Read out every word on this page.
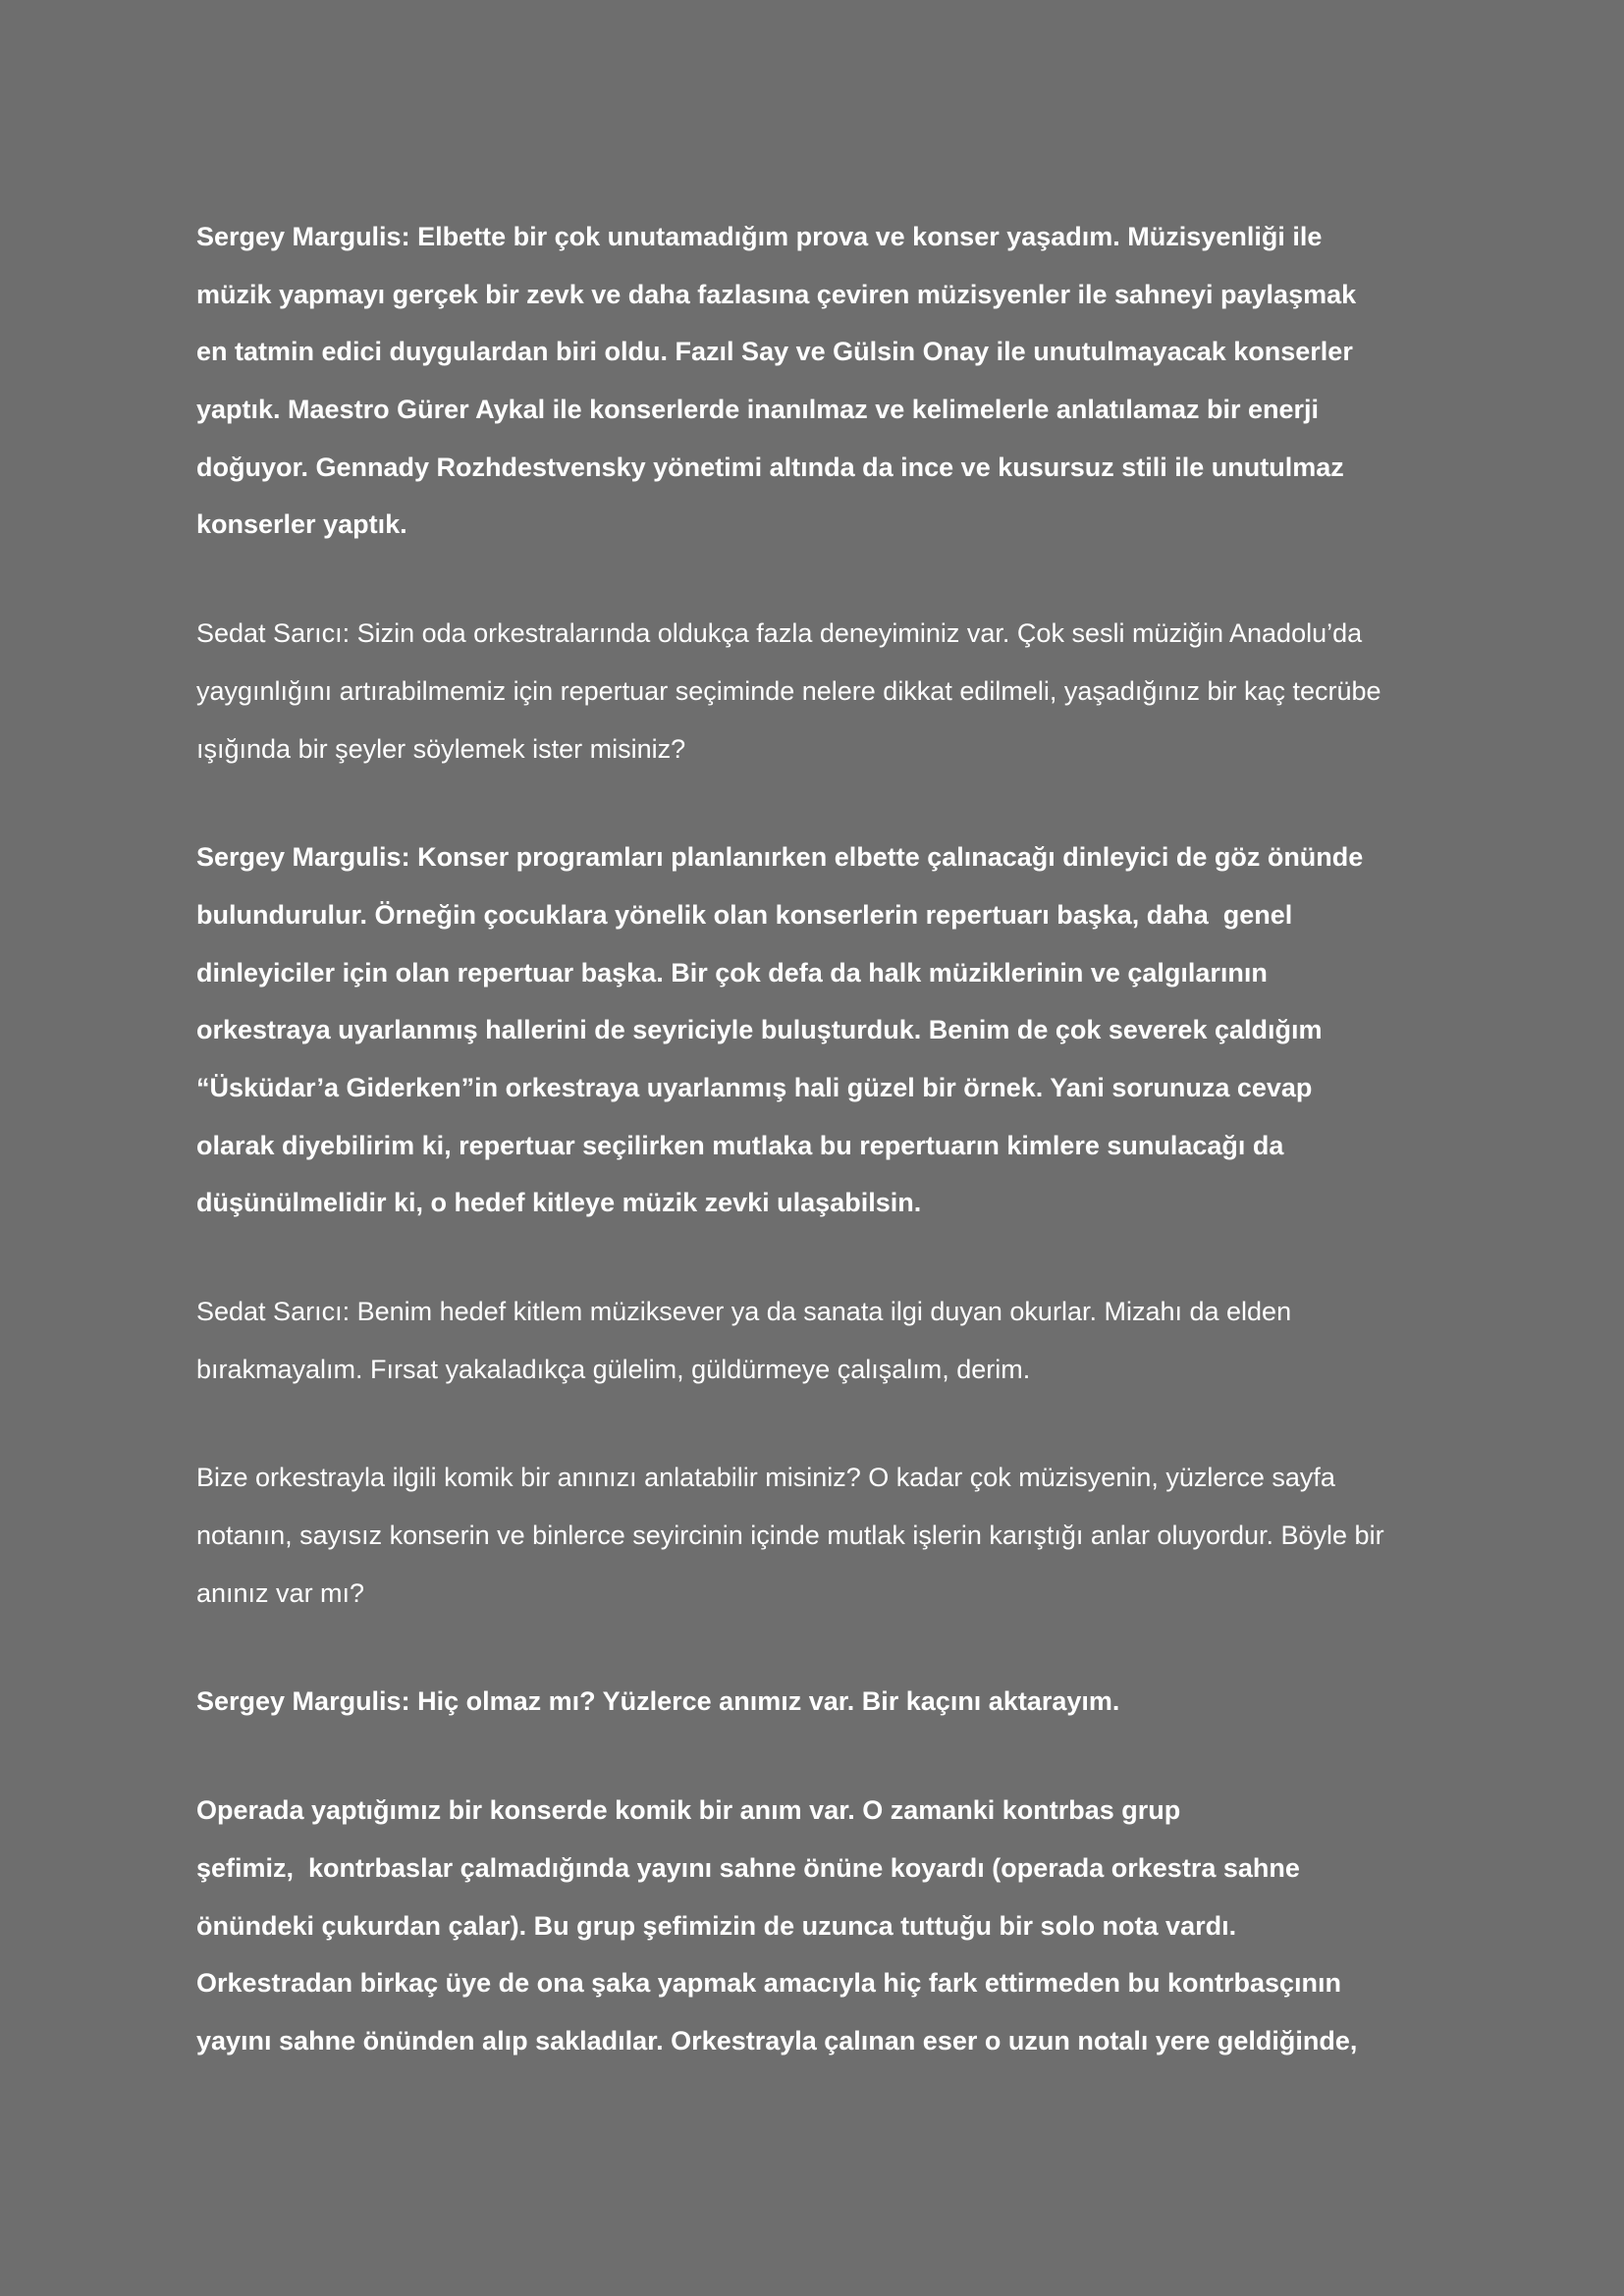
Sergey Margulis: Elbette bir çok unutamadığım prova ve konser yaşadım. Müzisyenliği ile
müzik yapmayı gerçek bir zevk ve daha fazlasına çeviren müzisyenler ile sahneyi paylaşmak
en tatmin edici duygulardan biri oldu. Fazıl Say ve Gülsin Onay ile unutulmayacak konserler
yaptık. Maestro Gürer Aykal ile konserlerde inanılmaz ve kelimelerle anlatılamaz bir enerji
doğuyor. Gennady Rozhdestvensky yönetimi altında da ince ve kusursuz stili ile unutulmaz
konserler yaptık.
Sedat Sarıcı: Sizin oda orkestralarında oldukça fazla deneyiminiz var. Çok sesli müziğin Anadolu’da
yaygınlığını artırabilmemiz için repertuar seçiminde nelere dikkat edilmeli, yaşadığınız bir kaç tecrübe
ışığında bir şeyler söylemek ister misiniz?
Sergey Margulis: Konser programları planlanırken elbette çalınacağı dinleyici de göz önünde
bulundurulur. Örneğin çocuklara yönelik olan konserlerin repertuarı başka, daha  genel
dinleyiciler için olan repertuar başka. Bir çok defa da halk müziklerinin ve çalgılarının
orkestraya uyarlanmış hallerini de seyriciyle buluşturduk. Benim de çok severek çaldığım
“Üsküdar’a Giderken”in orkestraya uyarlanmış hali güzel bir örnek. Yani sorunuza cevap
olarak diyebilirim ki, repertuar seçilirken mutlaka bu repertuarın kimlere sunulacağı da
düşünülmelidir ki, o hedef kitleye müzik zevki ulaşabilsin.
Sedat Sarıcı: Benim hedef kitlem müziksever ya da sanata ilgi duyan okurlar. Mizahı da elden
bırakmayalım. Fırsat yakaladıkça gülelim, güldürmeye çalışalım, derim.
Bize orkestrayla ilgili komik bir anınızı anlatabilir misiniz? O kadar çok müzisyenin, yüzlerce sayfa
notanın, sayısız konserin ve binlerce seyircinin içinde mutlak işlerin karıştığı anlar oluyordur. Böyle bir
anınız var mı?
Sergey Margulis: Hiç olmaz mı? Yüzlerce anımız var. Bir kaçını aktarayım.
Operada yaptığımız bir konserde komik bir anım var. O zamanki kontrbas grup
şefimiz,  kontrbaslar çalmadığında yayını sahne önüne koyardı (operada orkestra sahne
önündeki çukurdan çalar). Bu grup şefimizin de uzunca tuttuğu bir solo nota vardı.
Orkestradan birkaç üye de ona şaka yapmak amacıyla hiç fark ettirmeden bu kontrbasçının
yayını sahne önünden alıp sakladılar. Orkestrayla çalınan eser o uzun notalı yere geldiğinde,
